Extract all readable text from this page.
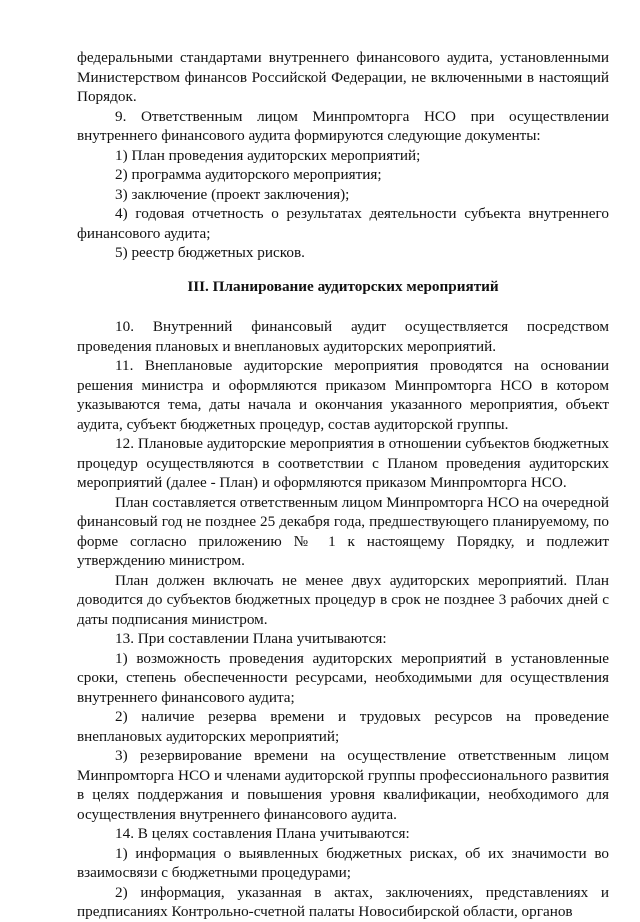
федеральными стандартами внутреннего финансового аудита, установленными Министерством финансов Российской Федерации, не включенными в настоящий Порядок.

9. Ответственным лицом Минпромторга НСО при осуществлении внутреннего финансового аудита формируются следующие документы:

1) План проведения аудиторских мероприятий;

2) программа аудиторского мероприятия;

3) заключение (проект заключения);

4) годовая отчетность о результатах деятельности субъекта внутреннего финансового аудита;

5) реестр бюджетных рисков.

III. Планирование аудиторских мероприятий

10. Внутренний финансовый аудит осуществляется посредством проведения плановых и внеплановых аудиторских мероприятий.

11. Внеплановые аудиторские мероприятия проводятся на основании решения министра и оформляются приказом Минпромторга НСО в котором указываются тема, даты начала и окончания указанного мероприятия, объект аудита, субъект бюджетных процедур, состав аудиторской группы.

12. Плановые аудиторские мероприятия в отношении субъектов бюджетных процедур осуществляются в соответствии с Планом проведения аудиторских мероприятий (далее - План) и оформляются приказом Минпромторга НСО.

План составляется ответственным лицом Минпромторга НСО на очередной финансовый год не позднее 25 декабря года, предшествующего планируемому, по форме согласно приложению № 1 к настоящему Порядку, и подлежит утверждению министром.

План должен включать не менее двух аудиторских мероприятий. План доводится до субъектов бюджетных процедур в срок не позднее 3 рабочих дней с даты подписания министром.

13. При составлении Плана учитываются:

1) возможность проведения аудиторских мероприятий в установленные сроки, степень обеспеченности ресурсами, необходимыми для осуществления внутреннего финансового аудита;

2) наличие резерва времени и трудовых ресурсов на проведение внеплановых аудиторских мероприятий;

3) резервирование времени на осуществление ответственным лицом Минпромторга НСО и членами аудиторской группы профессионального развития в целях поддержания и повышения уровня квалификации, необходимого для осуществления внутреннего финансового аудита.

14. В целях составления Плана учитываются:

1) информация о выявленных бюджетных рисках, об их значимости во взаимосвязи с бюджетными процедурами;

2) информация, указанная в актах, заключениях, представлениях и предписаниях Контрольно-счетной палаты Новосибирской области, органов
